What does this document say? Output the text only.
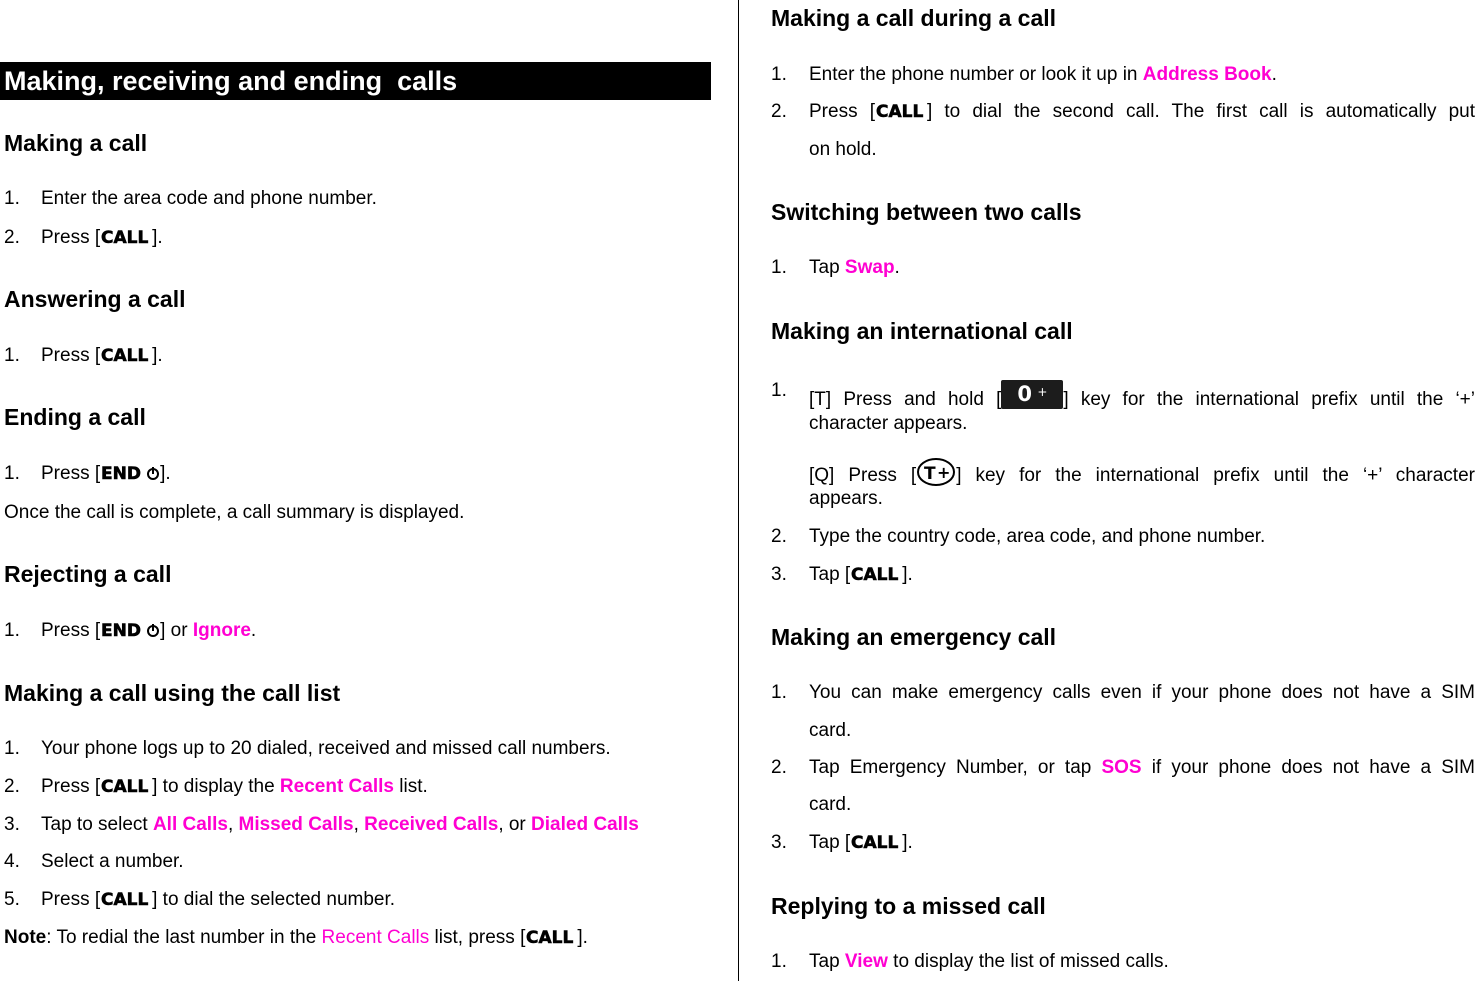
Making, receiving and ending  calls
Making a call
1. Enter the area code and phone number.
2. Press [	].
Answering a call
1. Press [	].
Ending a call
1. Press [	].
Once the call is complete, a call summary is displayed.
Rejecting a call
1. Press [	] or Ignore.
Making a call using the call list
1. Your phone logs up to 20 dialed, received and missed call numbers.
2. Press [	] to display the Recent Calls list.
3. Tap to select All Calls, Missed Calls, Received Calls, or Dialed Calls
4. Select a number.
5. Press [	] to dial the selected number.
Note: To redial the last number in the Recent Calls list, press [	].
Making a call during a call
1. Enter the phone number or look it up in Address Book.
2.	Press [	] to dial the second call. The first call is automatically put
on hold.
Switching between two calls
1. Tap Swap.
Making an international call
1.	[T] Press and hold [ 0 + ] key for the international prefix until the ‘+’
character appears.
[Q] Press [ ] key for the international prefix until the ‘+’ character
appears.
2. Type the country code, area code, and phone number.
3. Tap [	].
Making an emergency call
1.	You can make emergency calls even if your phone does not have a SIM
card.
2.	Tap Emergency Number, or tap SOS if your phone does not have a SIM
card.
3. Tap [	].
Replying to a missed call
1. Tap View to display the list of missed calls.
